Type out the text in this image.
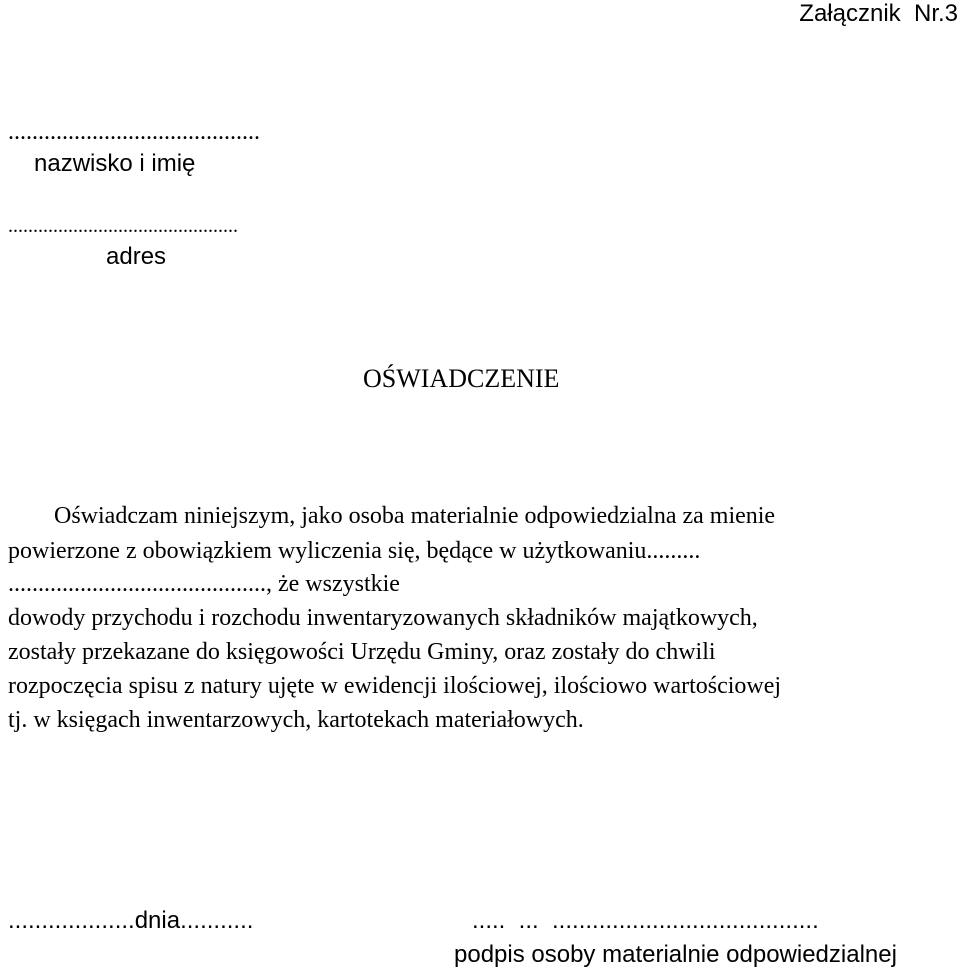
Załącznik  Nr.3
..........................................
nazwisko i imię
..............................................
adres
OŚWIADCZENIE
Oświadczam niniejszym, jako osoba materialnie odpowiedzialna za mienie
powierzone z obowiązkiem wyliczenia się, będące w użytkowaniu.........
..........................................., że wszystkie
dowody przychodu i rozchodu inwentaryzowanych składników majątkowych,
zostały przekazane do księgowości Urzędu Gminy, oraz zostały do chwili
rozpoczęcia spisu z natury ujęte w ewidencji ilościowej, ilościowo wartościowej
tj. w księgach inwentarzowych, kartotekach materiałowych.
...................dnia...........	.....  ...  ........................................
podpis osoby materialnie odpowiedzialnej
